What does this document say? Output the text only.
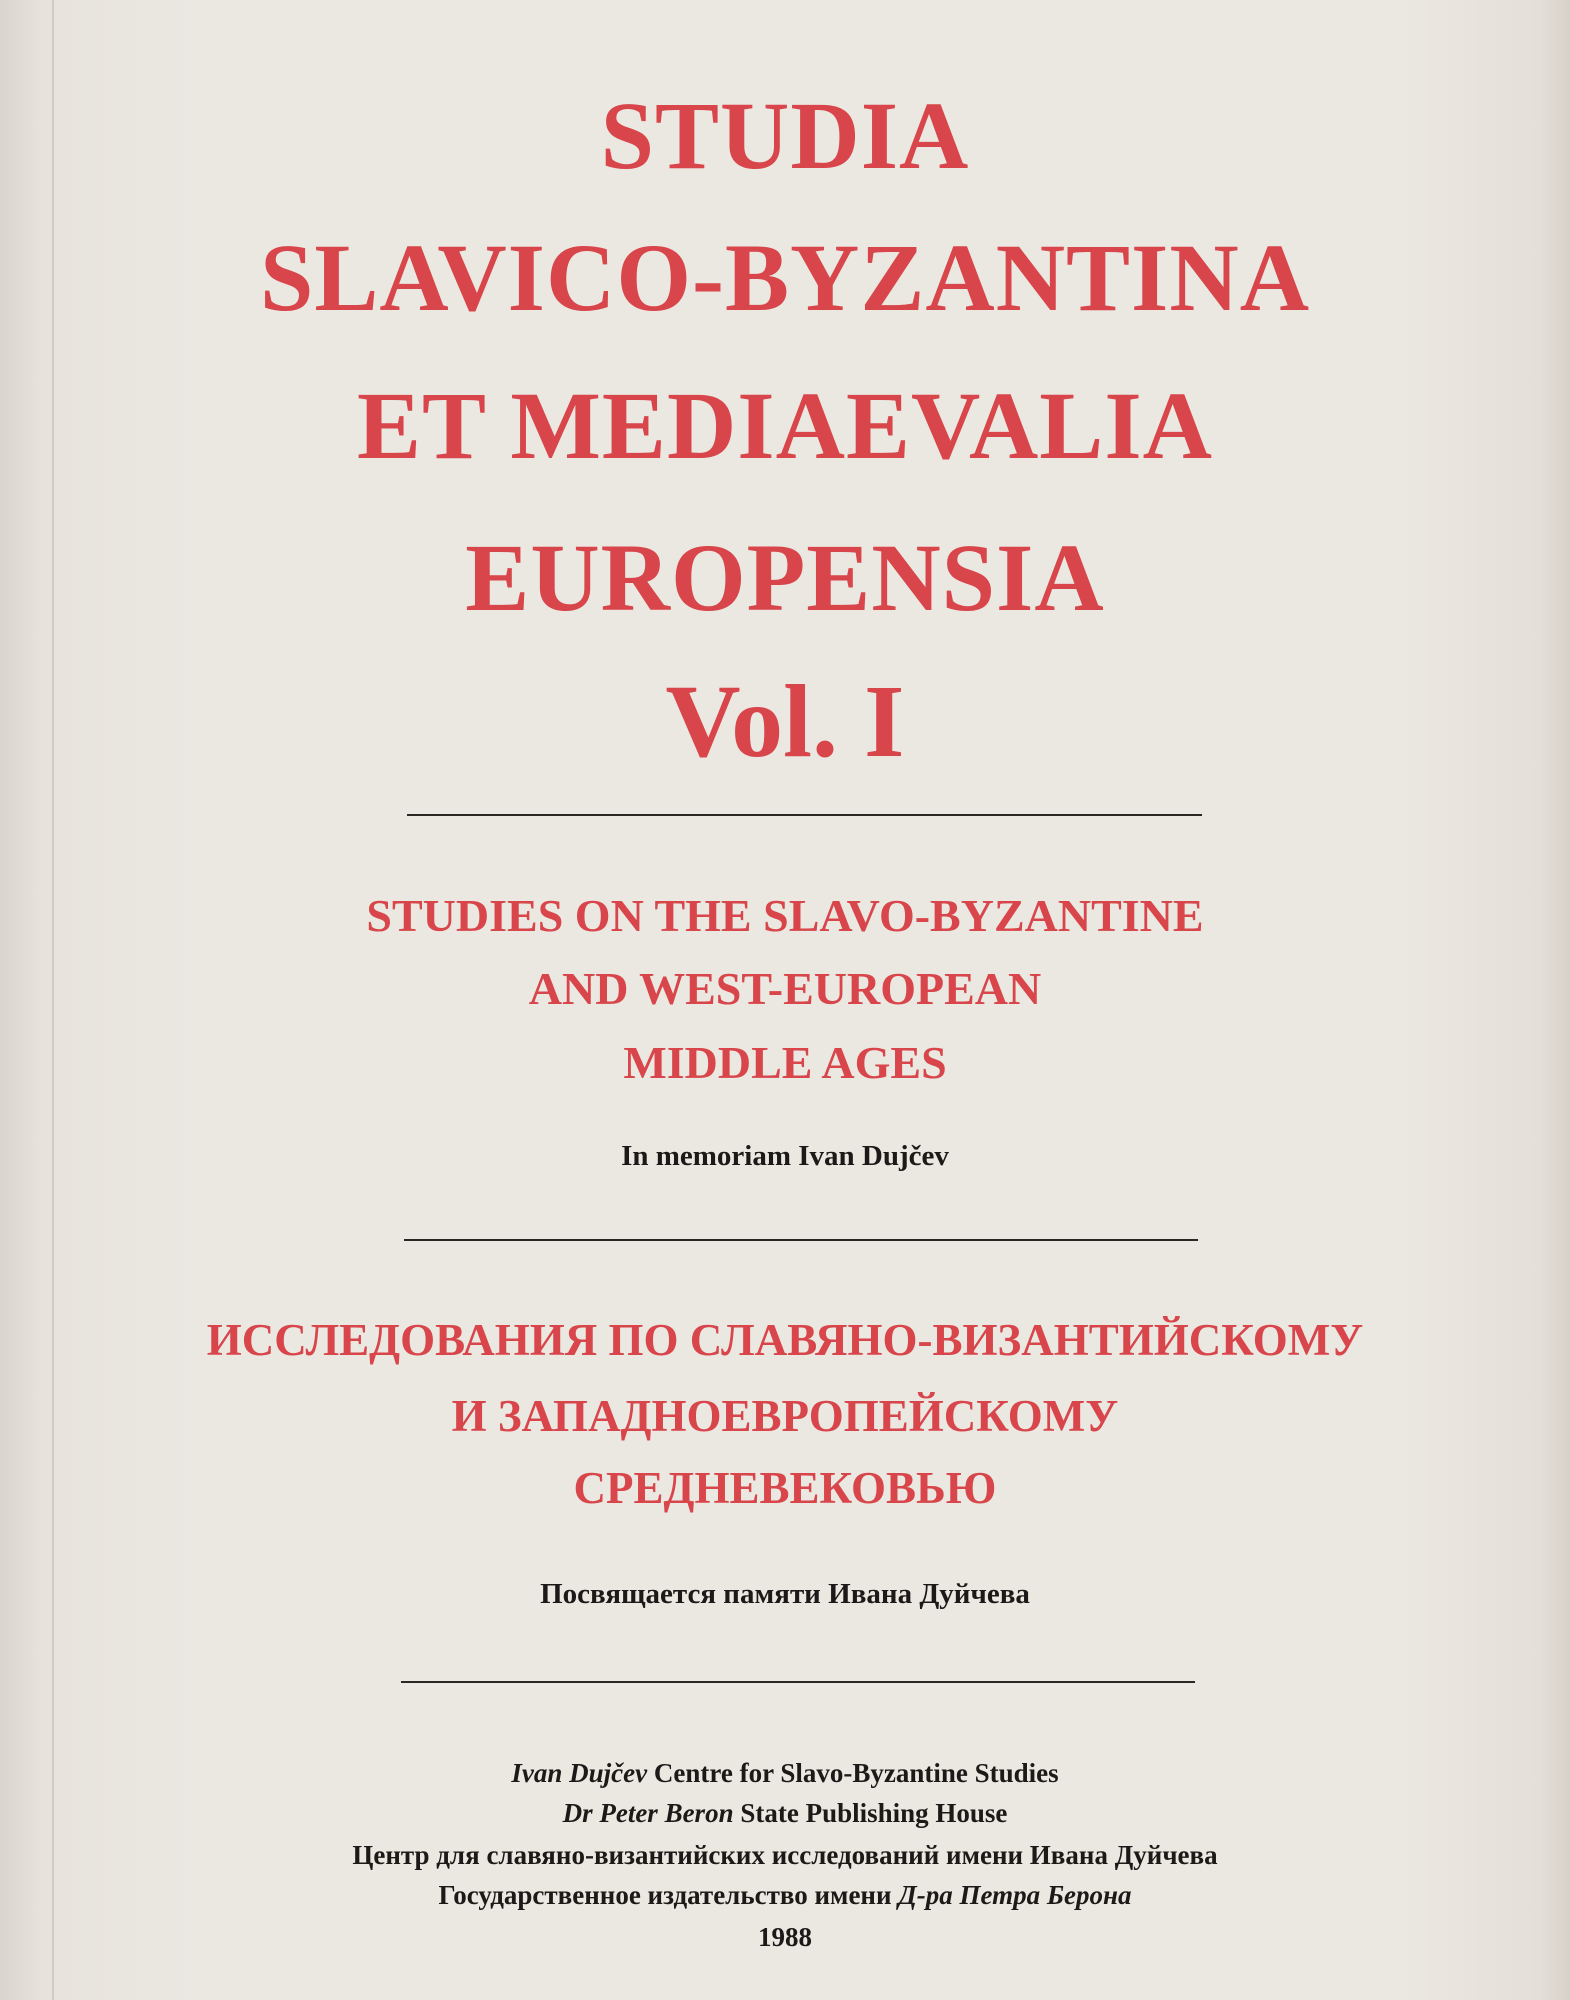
STUDIA
SLAVICO-BYZANTINA
ET MEDIAEVALIA
EUROPENSIA
Vol. I
STUDIES ON THE SLAVO-BYZANTINE
AND WEST-EUROPEAN
MIDDLE AGES
In memoriam Ivan Dujčev
ИССЛЕДОВАНИЯ ПО СЛАВЯНО-ВИЗАНТИЙСКОМУ
И ЗАПАДНОЕВРОПЕЙСКОМУ
СРЕДНЕВЕКОВЬЮ
Посвящается памяти Ивана Дуйчева
Ivan Dujčev Centre for Slavo-Byzantine Studies
Dr Peter Beron State Publishing House
Центр для славяно-византийских исследований имени Ивана Дуйчева
Государственное издательство имени Д-ра Петра Берона
1988
